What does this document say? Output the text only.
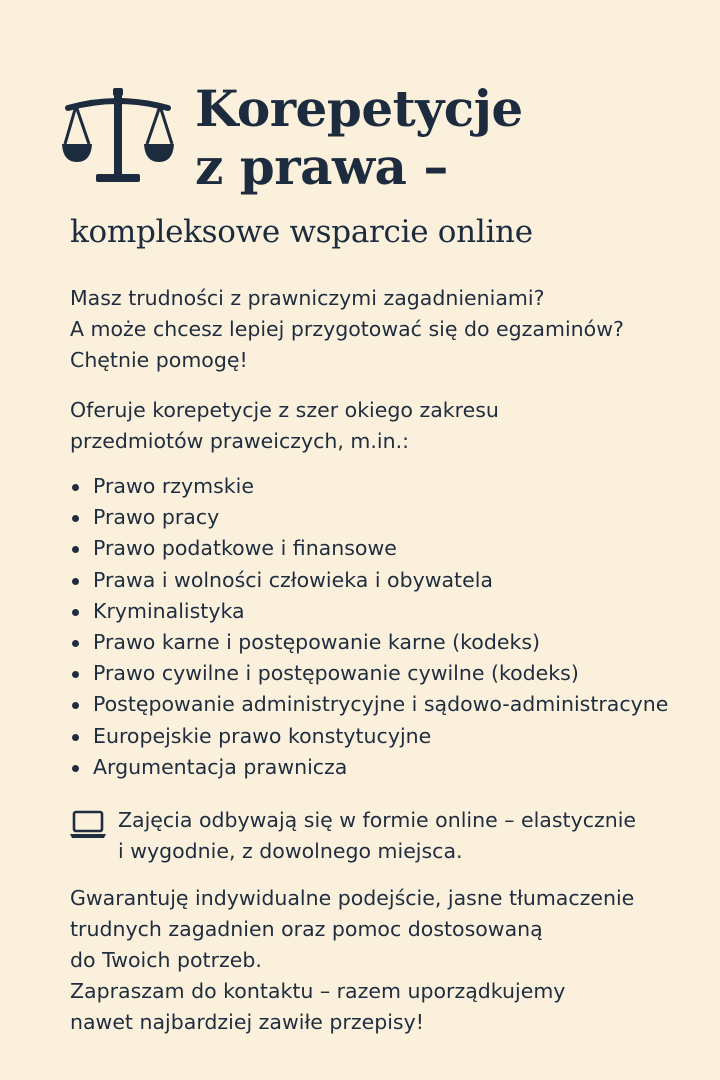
Korepetycje
z prawa –
kompleksowe wsparcie online

Masz trudności z prawniczymi zagadnieniami?
A może chcesz lepiej przygotować się do egzaminów?
Chętnie pomogę!

Oferuje korepetycje z szer okiego zakresu
przedmiotów praweiczych, m.in.:

Prawo rzymskie
Prawo pracy
Prawo podatkowe i finansowe
Prawa i wolności człowieka i obywatela
Kryminalistyka
Prawo karne i postępowanie karne (kodeks)
Prawo cywilne i postępowanie cywilne (kodeks)
Postępowanie administrycyjne i sądowo-administracyne
Europejskie prawo konstytucyjne
Argumentacja prawnicza

Zajęcia odbywają się w formie online – elastycznie
i wygodnie, z dowolnego miejsca.

Gwarantuję indywidualne podejście, jasne tłumaczenie
trudnych zagadnien oraz pomoc dostosowaną
do Twoich potrzeb.
Zapraszam do kontaktu – razem uporządkujemy
nawet najbardziej zawiłe przepisy!
